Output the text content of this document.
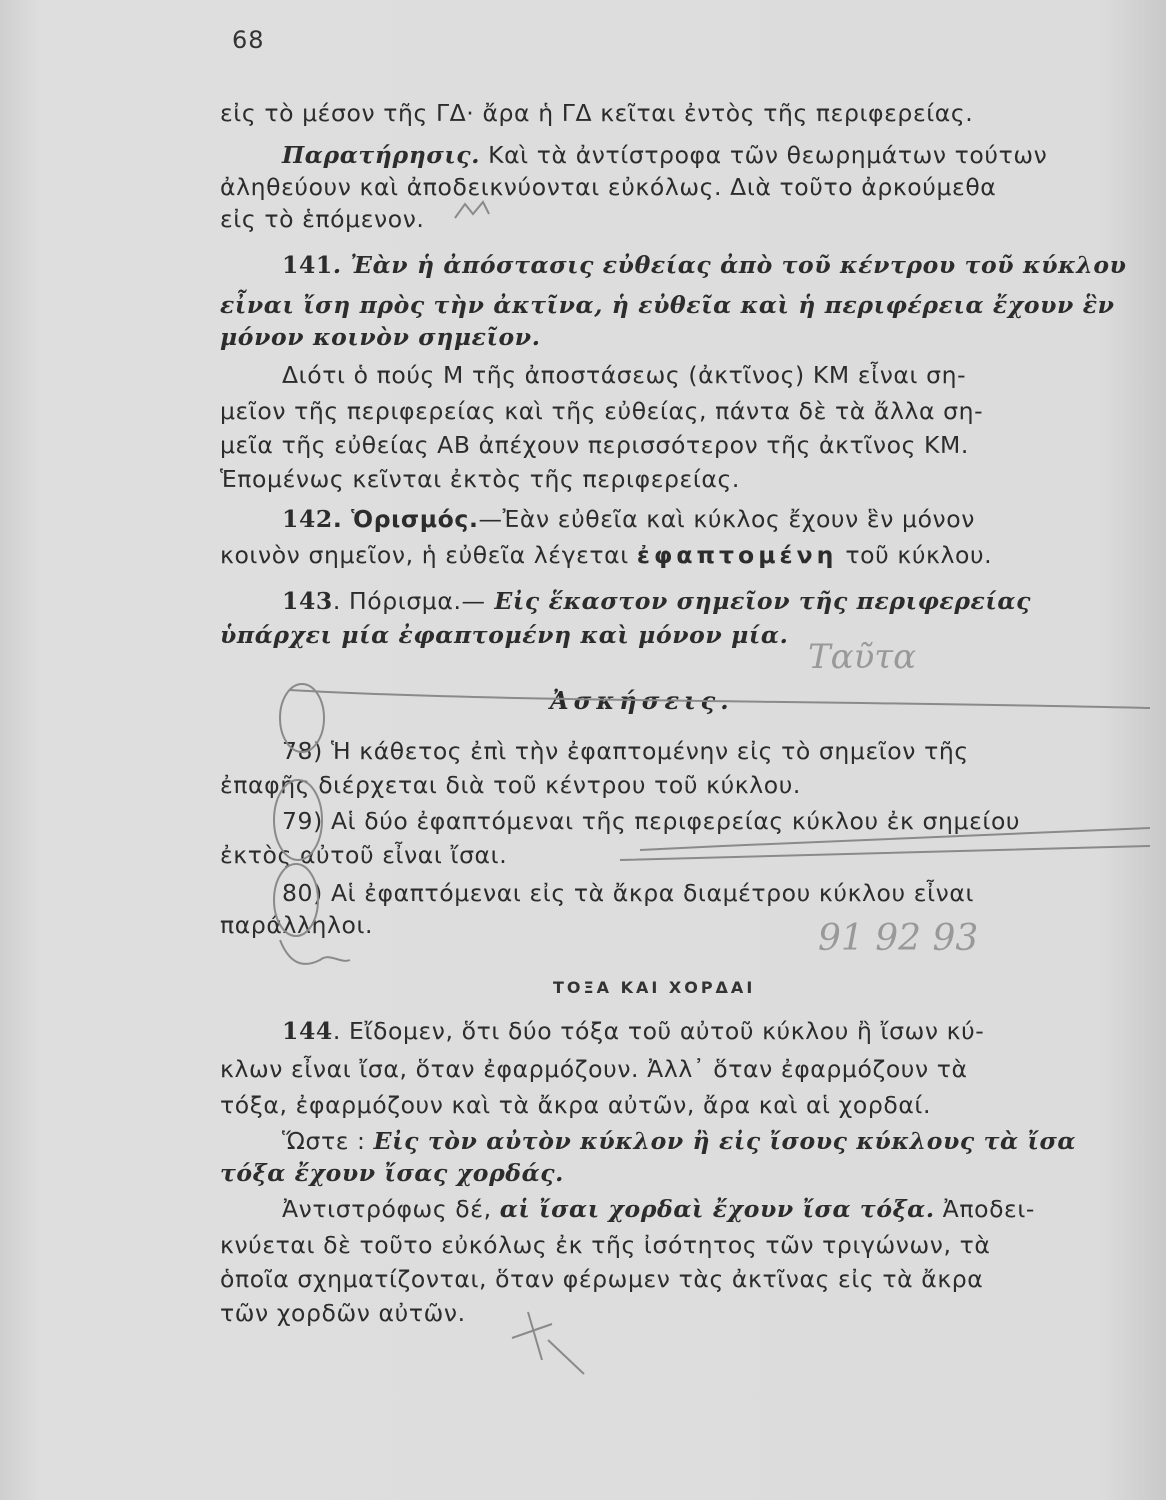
68
εἰς τὸ μέσον τῆς ΓΔ· ἄρα ἡ ΓΔ κεῖται ἐντὸς τῆς περιφερείας.
Παρατήρησις. Καὶ τὰ ἀντίστροφα τῶν θεωρημάτων τούτων
ἀληθεύουν καὶ ἀποδεικνύονται εὐκόλως. Διὰ τοῦτο ἀρκούμεθα
εἰς τὸ ἑπόμενον.
141. Ἐὰν ἡ ἀπόστασις εὐθείας ἀπὸ τοῦ κέντρου τοῦ κύκλου
εἶναι ἴση πρὸς τὴν ἀκτῖνα, ἡ εὐθεῖα καὶ ἡ περιφέρεια ἔχουν ἓν
μόνον κοινὸν σημεῖον.
Διότι ὁ πούς Μ τῆς ἀποστάσεως (ἀκτῖνος) ΚΜ εἶναι ση-
μεῖον τῆς περιφερείας καὶ τῆς εὐθείας, πάντα δὲ τὰ ἄλλα ση-
μεῖα τῆς εὐθείας ΑΒ ἀπέχουν περισσότερον τῆς ἀκτῖνος ΚΜ.
Ἑπομένως κεῖνται ἐκτὸς τῆς περιφερείας.
142. Ὁρισμός.—Ἐὰν εὐθεῖα καὶ κύκλος ἔχουν ἓν μόνον
κοινὸν σημεῖον, ἡ εὐθεῖα λέγεται ἐφαπτομένη τοῦ κύκλου.
143. Πόρισμα.— Εἰς ἕκαστον σημεῖον τῆς περιφερείας
ὑπάρχει μία ἐφαπτομένη καὶ μόνον μία.
Ἀσκήσεις.
78) Ἡ κάθετος ἐπὶ τὴν ἐφαπτομένην εἰς τὸ σημεῖον τῆς
ἐπαφῆς διέρχεται διὰ τοῦ κέντρου τοῦ κύκλου.
79) Αἱ δύο ἐφαπτόμεναι τῆς περιφερείας κύκλου ἐκ σημείου
ἐκτὸς αὐτοῦ εἶναι ἴσαι.
80) Αἱ ἐφαπτόμεναι εἰς τὰ ἄκρα διαμέτρου κύκλου εἶναι
παράλληλοι.
ΤΟΞΑ ΚΑΙ ΧΟΡΔΑΙ
144. Εἴδομεν, ὅτι δύο τόξα τοῦ αὐτοῦ κύκλου ἢ ἴσων κύ-
κλων εἶναι ἴσα, ὅταν ἐφαρμόζουν. Ἀλλ᾽ ὅταν ἐφαρμόζουν τὰ
τόξα, ἐφαρμόζουν καὶ τὰ ἄκρα αὐτῶν, ἄρα καὶ αἱ χορδαί.
Ὥστε : Εἰς τὸν αὐτὸν κύκλον ἢ εἰς ἴσους κύκλους τὰ ἴσα
τόξα ἔχουν ἴσας χορδάς.
Ἀντιστρόφως δέ, αἱ ἴσαι χορδαὶ ἔχουν ἴσα τόξα. Ἀποδει-
κνύεται δὲ τοῦτο εὐκόλως ἐκ τῆς ἰσότητος τῶν τριγώνων, τὰ
ὁποῖα σχηματίζονται, ὅταν φέρωμεν τὰς ἀκτῖνας εἰς τὰ ἄκρα
τῶν χορδῶν αὐτῶν.
Ταῦτα
91 92 93
